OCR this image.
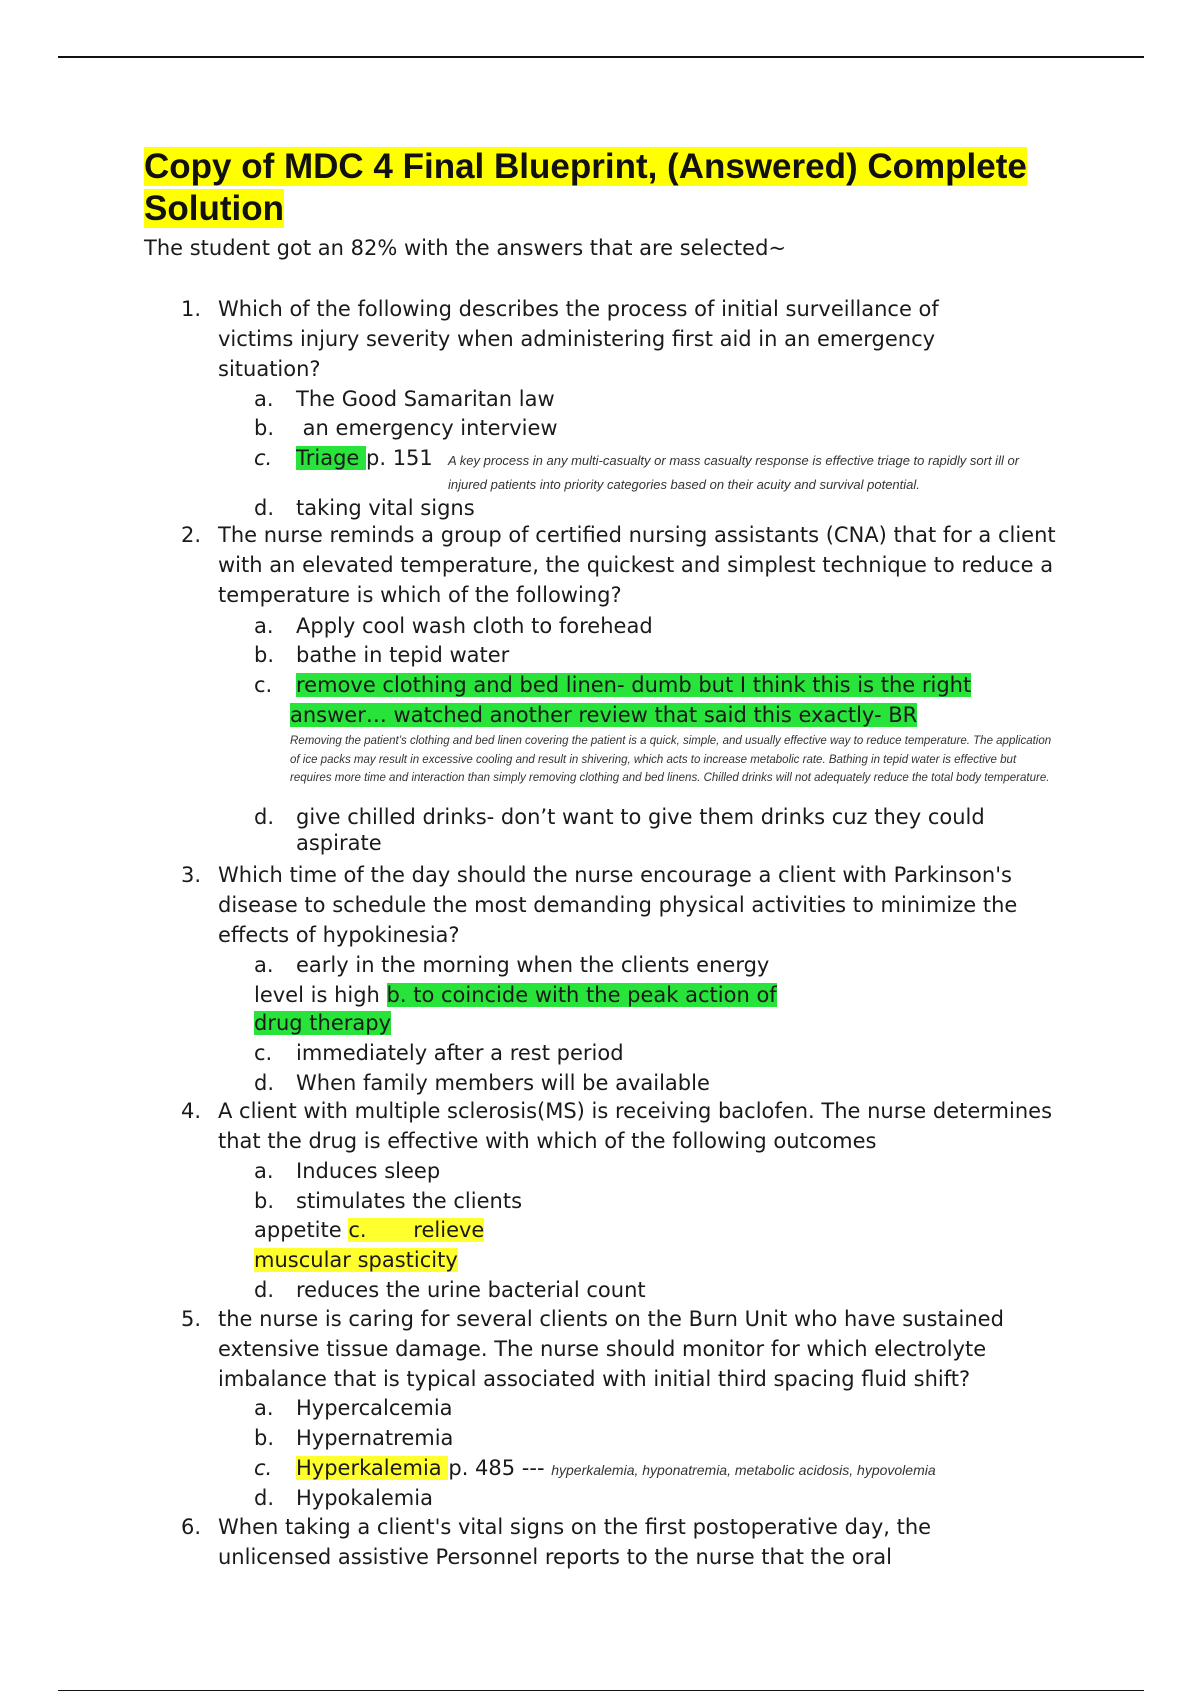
Copy of MDC 4 Final Blueprint, (Answered) Complete Solution

The student got an 82% with the answers that are selected~

1. Which of the following describes the process of initial surveillance of victims injury severity when administering first aid in an emergency situation?

a. The Good Samaritan law
b. an emergency interview
c. Triage p. 151 A key process in any multi-casualty or mass casualty response is effective triage to rapidly sort ill or injured patients into priority categories based on their acuity and survival potential.
d. taking vital signs
2. The nurse reminds a group of certified nursing assistants (CNA) that for a client with an elevated temperature, the quickest and simplest technique to reduce a temperature is which of the following?

a. Apply cool wash cloth to forehead
b. bathe in tepid water
c. remove clothing and bed linen- dumb but I think this is the right
answer… watched another review that said this exactly- BR
Removing the patient’s clothing and bed linen covering the patient is a quick, simple, and usually effective way to reduce temperature. The application of ice packs may result in excessive cooling and result in shivering, which acts to increase metabolic rate. Bathing in tepid water is effective but requires more time and interaction than simply removing clothing and bed linens. Chilled drinks will not adequately reduce the total body temperature.
d.	give chilled drinks- don’t want to give them drinks cuz they could aspirate
3. Which time of the day should the nurse encourage a client with Parkinson's disease to schedule the most demanding physical activities to minimize the effects of hypokinesia?

a. early in the morning when the clients energy
level is high b. to coincide with the peak action of
drug therapy
c. immediately after a rest period
d. When family members will be available
4. A client with multiple sclerosis(MS) is receiving baclofen. The nurse determines that the drug is effective with which of the following outcomes

a. Induces sleep
b. stimulates the clients
appetite c.       relieve
muscular spasticity
d. reduces the urine bacterial count
5. the nurse is caring for several clients on the Burn Unit who have sustained extensive tissue damage. The nurse should monitor for which electrolyte imbalance that is typical associated with initial third spacing fluid shift?

a. Hypercalcemia
b. Hypernatremia
c. Hyperkalemia p. 485 --- hyperkalemia, hyponatremia, metabolic acidosis, hypovolemia
d. Hypokalemia
6. When taking a client's vital signs on the first postoperative day, the unlicensed assistive Personnel reports to the nurse that the oral
